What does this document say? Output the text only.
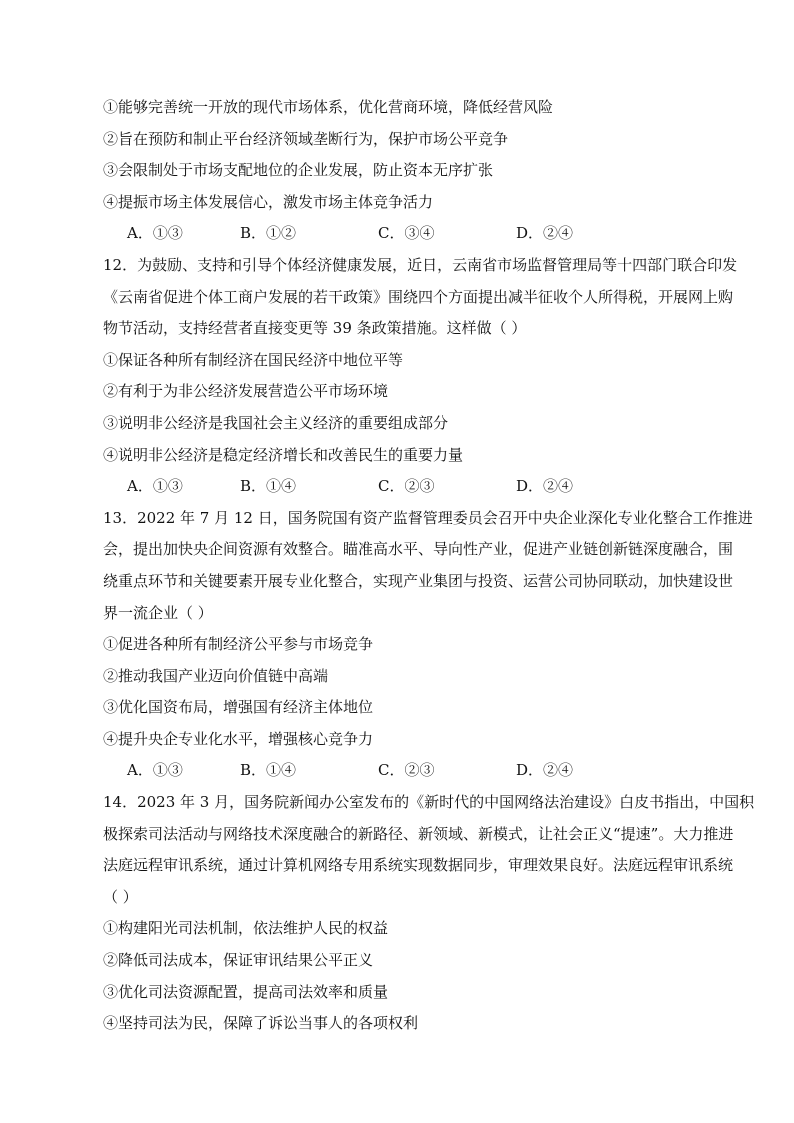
①能够完善统一开放的现代市场体系，优化营商环境，降低经营风险
②旨在预防和制止平台经济领域垄断行为，保护市场公平竞争
③会限制处于市场支配地位的企业发展，防止资本无序扩张
④提振市场主体发展信心，激发市场主体竞争活力
A．①③	B．①②	C．③④	D．②④
12．为鼓励、支持和引导个体经济健康发展，近日，云南省市场监督管理局等十四部门联合印发
《云南省促进个体工商户发展的若干政策》围绕四个方面提出减半征收个人所得税，开展网上购
物节活动，支持经营者直接变更等 39 条政策措施。这样做（ ）
①保证各种所有制经济在国民经济中地位平等
②有利于为非公经济发展营造公平市场环境
③说明非公经济是我国社会主义经济的重要组成部分
④说明非公经济是稳定经济增长和改善民生的重要力量
A．①③	B．①④	C．②③	D．②④
13．2022 年 7 月 12 日，国务院国有资产监督管理委员会召开中央企业深化专业化整合工作推进
会，提出加快央企间资源有效整合。瞄准高水平、导向性产业，促进产业链创新链深度融合，围
绕重点环节和关键要素开展专业化整合，实现产业集团与投资、运营公司协同联动，加快建设世
界一流企业（ ）
①促进各种所有制经济公平参与市场竞争
②推动我国产业迈向价值链中高端
③优化国资布局，增强国有经济主体地位
④提升央企专业化水平，增强核心竞争力
A．①③	B．①④	C．②③	D．②④
14．2023 年 3 月，国务院新闻办公室发布的《新时代的中国网络法治建设》白皮书指出，中国积
极探索司法活动与网络技术深度融合的新路径、新领域、新模式，让社会正义“提速”。大力推进
法庭远程审讯系统，通过计算机网络专用系统实现数据同步，审理效果良好。法庭远程审讯系统
（ ）
①构建阳光司法机制，依法维护人民的权益
②降低司法成本，保证审讯结果公平正义
③优化司法资源配置，提高司法效率和质量
④坚持司法为民，保障了诉讼当事人的各项权利
